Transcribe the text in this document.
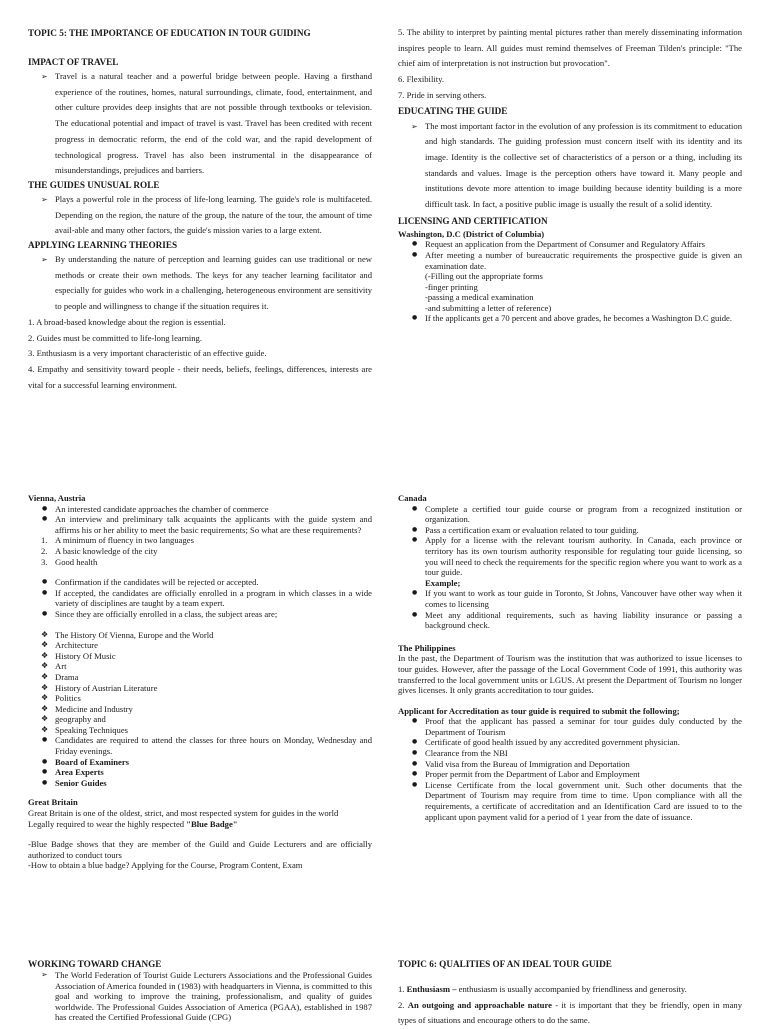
TOPIC 5: THE IMPORTANCE OF EDUCATION IN TOUR GUIDING
IMPACT OF TRAVEL
➢ Travel is a natural teacher and a powerful bridge between people. Having a firsthand experience of the routines, homes, natural surroundings, climate, food, entertainment, and other culture provides deep insights that are not possible through textbooks or television. The educational potential and impact of travel is vast. Travel has been credited with recent progress in democratic reform, the end of the cold war, and the rapid development of technological progress. Travel has also been instrumental in the disappearance of misunderstandings, prejudices and barriers.
THE GUIDES UNUSUAL ROLE
➢ Plays a powerful role in the process of life-long learning. The guide's role is multifaceted. Depending on the region, the nature of the group, the nature of the tour, the amount of time avail-able and many other factors, the guide's mission varies to a large extent.
APPLYING LEARNING THEORIES
➢ By understanding the nature of perception and learning guides can use traditional or new methods or create their own methods. The keys for any teacher learning facilitator and especially for guides who work in a challenging, heterogeneous environment are sensitivity to people and willingness to change if the situation requires it.
1. A broad-based knowledge about the region is essential.
2. Guides must be committed to life-long learning.
3. Enthusiasm is a very important characteristic of an effective guide.
4. Empathy and sensitivity toward people - their needs, beliefs, feelings, differences, interests are vital for a successful learning environment.
5. The ability to interpret by painting mental pictures rather than merely disseminating information inspires people to learn. All guides must remind themselves of Freeman Tilden's principle: "The chief aim of interpretation is not instruction but provocation".
6. Flexibility.
7. Pride in serving others.
EDUCATING THE GUIDE
➢ The most important factor in the evolution of any profession is its commitment to education and high standards. The guiding profession must concern itself with its identity and its image. Identity is the collective set of characteristics of a person or a thing, including its standards and values. Image is the perception others have toward it. Many people and institutions devote more attention to image building because identity building is a more difficult task. In fact, a positive public image is usually the result of a solid identity.
LICENSING AND CERTIFICATION
Washington, D.C (District of Columbia)
● Request an application from the Department of Consumer and Regulatory Affairs
● After meeting a number of bureaucratic requirements the prospective guide is given an examination date.
(-Filling out the appropriate forms
-finger printing
-passing a medical examination
-and submitting a letter of reference)
● If the applicants get a 70 percent and above grades, he becomes a Washington D.C guide.
Vienna, Austria
● An interested candidate approaches the chamber of commerce
● An interview and preliminary talk acquaints the applicants with the guide system and affirms his or her ability to meet the basic requirements; So what are these requirements?
1. A minimum of fluency in two languages
2. A basic knowledge of the city
3. Good health
● Confirmation if the candidates will be rejected or accepted.
● If accepted, the candidates are officially enrolled in a program in which classes in a wide variety of disciplines are taught by a team expert.
● Since they are officially enrolled in a class, the subject areas are;
❖ The History Of Vienna, Europe and the World
❖ Architecture
❖ History Of Music
❖ Art
❖ Drama
❖ History of Austrian Literature
❖ Politics
❖ Medicine and Industry
❖ geography and
❖ Speaking Techniques
● Candidates are required to attend the classes for three hours on Monday, Wednesday and Friday evenings.
● Board of Examiners
● Area Experts
● Senior Guides
Great Britain
Great Britain is one of the oldest, strict, and most respected system for guides in the world
Legally required to wear the highly respected "Blue Badge"
-Blue Badge shows that they are member of the Guild and Guide Lecturers and are officially authorized to conduct tours
-How to obtain a blue badge? Applying for the Course, Program Content, Exam
Canada
● Complete a certified tour guide course or program from a recognized institution or organization.
● Pass a certification exam or evaluation related to tour guiding.
● Apply for a license with the relevant tourism authority. In Canada, each province or territory has its own tourism authority responsible for regulating tour guide licensing, so you will need to check the requirements for the specific region where you want to work as a tour guide.
Example;
● If you want to work as tour guide in Toronto, St Johns, Vancouver have other way when it comes to licensing
● Meet any additional requirements, such as having liability insurance or passing a background check.
The Philippines
In the past, the Department of Tourism was the institution that was authorized to issue licenses to tour guides. However, after the passage of the Local Government Code of 1991, this authority was transferred to the local government units or LGUS. At present the Department of Tourism no longer gives licenses. It only grants accreditation to tour guides.
Applicant for Accreditation as tour guide is required to submit the following;
● Proof that the applicant has passed a seminar for tour guides duly conducted by the Department of Tourism
● Certificate of good health issued by any accredited government physician.
● Clearance from the NBI
● Valid visa from the Bureau of Immigration and Deportation
● Proper permit from the Department of Labor and Employment
● License Certificate from the local government unit. Such other documents that the Department of Tourism may require from time to time. Upon compliance with all the requirements, a certificate of accreditation and an Identification Card are issued to to the applicant upon payment valid for a period of 1 year from the date of issuance.
WORKING TOWARD CHANGE
➢ The World Federation of Tourist Guide Lecturers Associations and the Professional Guides Association of America founded in (1983) with headquarters in Vienna, is committed to this goal and working to improve the training, professionalism, and quality of guides worldwide. The Professional Guides Association of America (PGAA), established in 1987 has created the Certified Professional Guide (CPG)
TOPIC 6: QUALITIES OF AN IDEAL TOUR GUIDE
1. Enthusiasm – enthusiasm is usually accompanied by friendliness and generosity.
2. An outgoing and approachable nature - it is important that they be friendly, open in many types of situations and encourage others to do the same.
